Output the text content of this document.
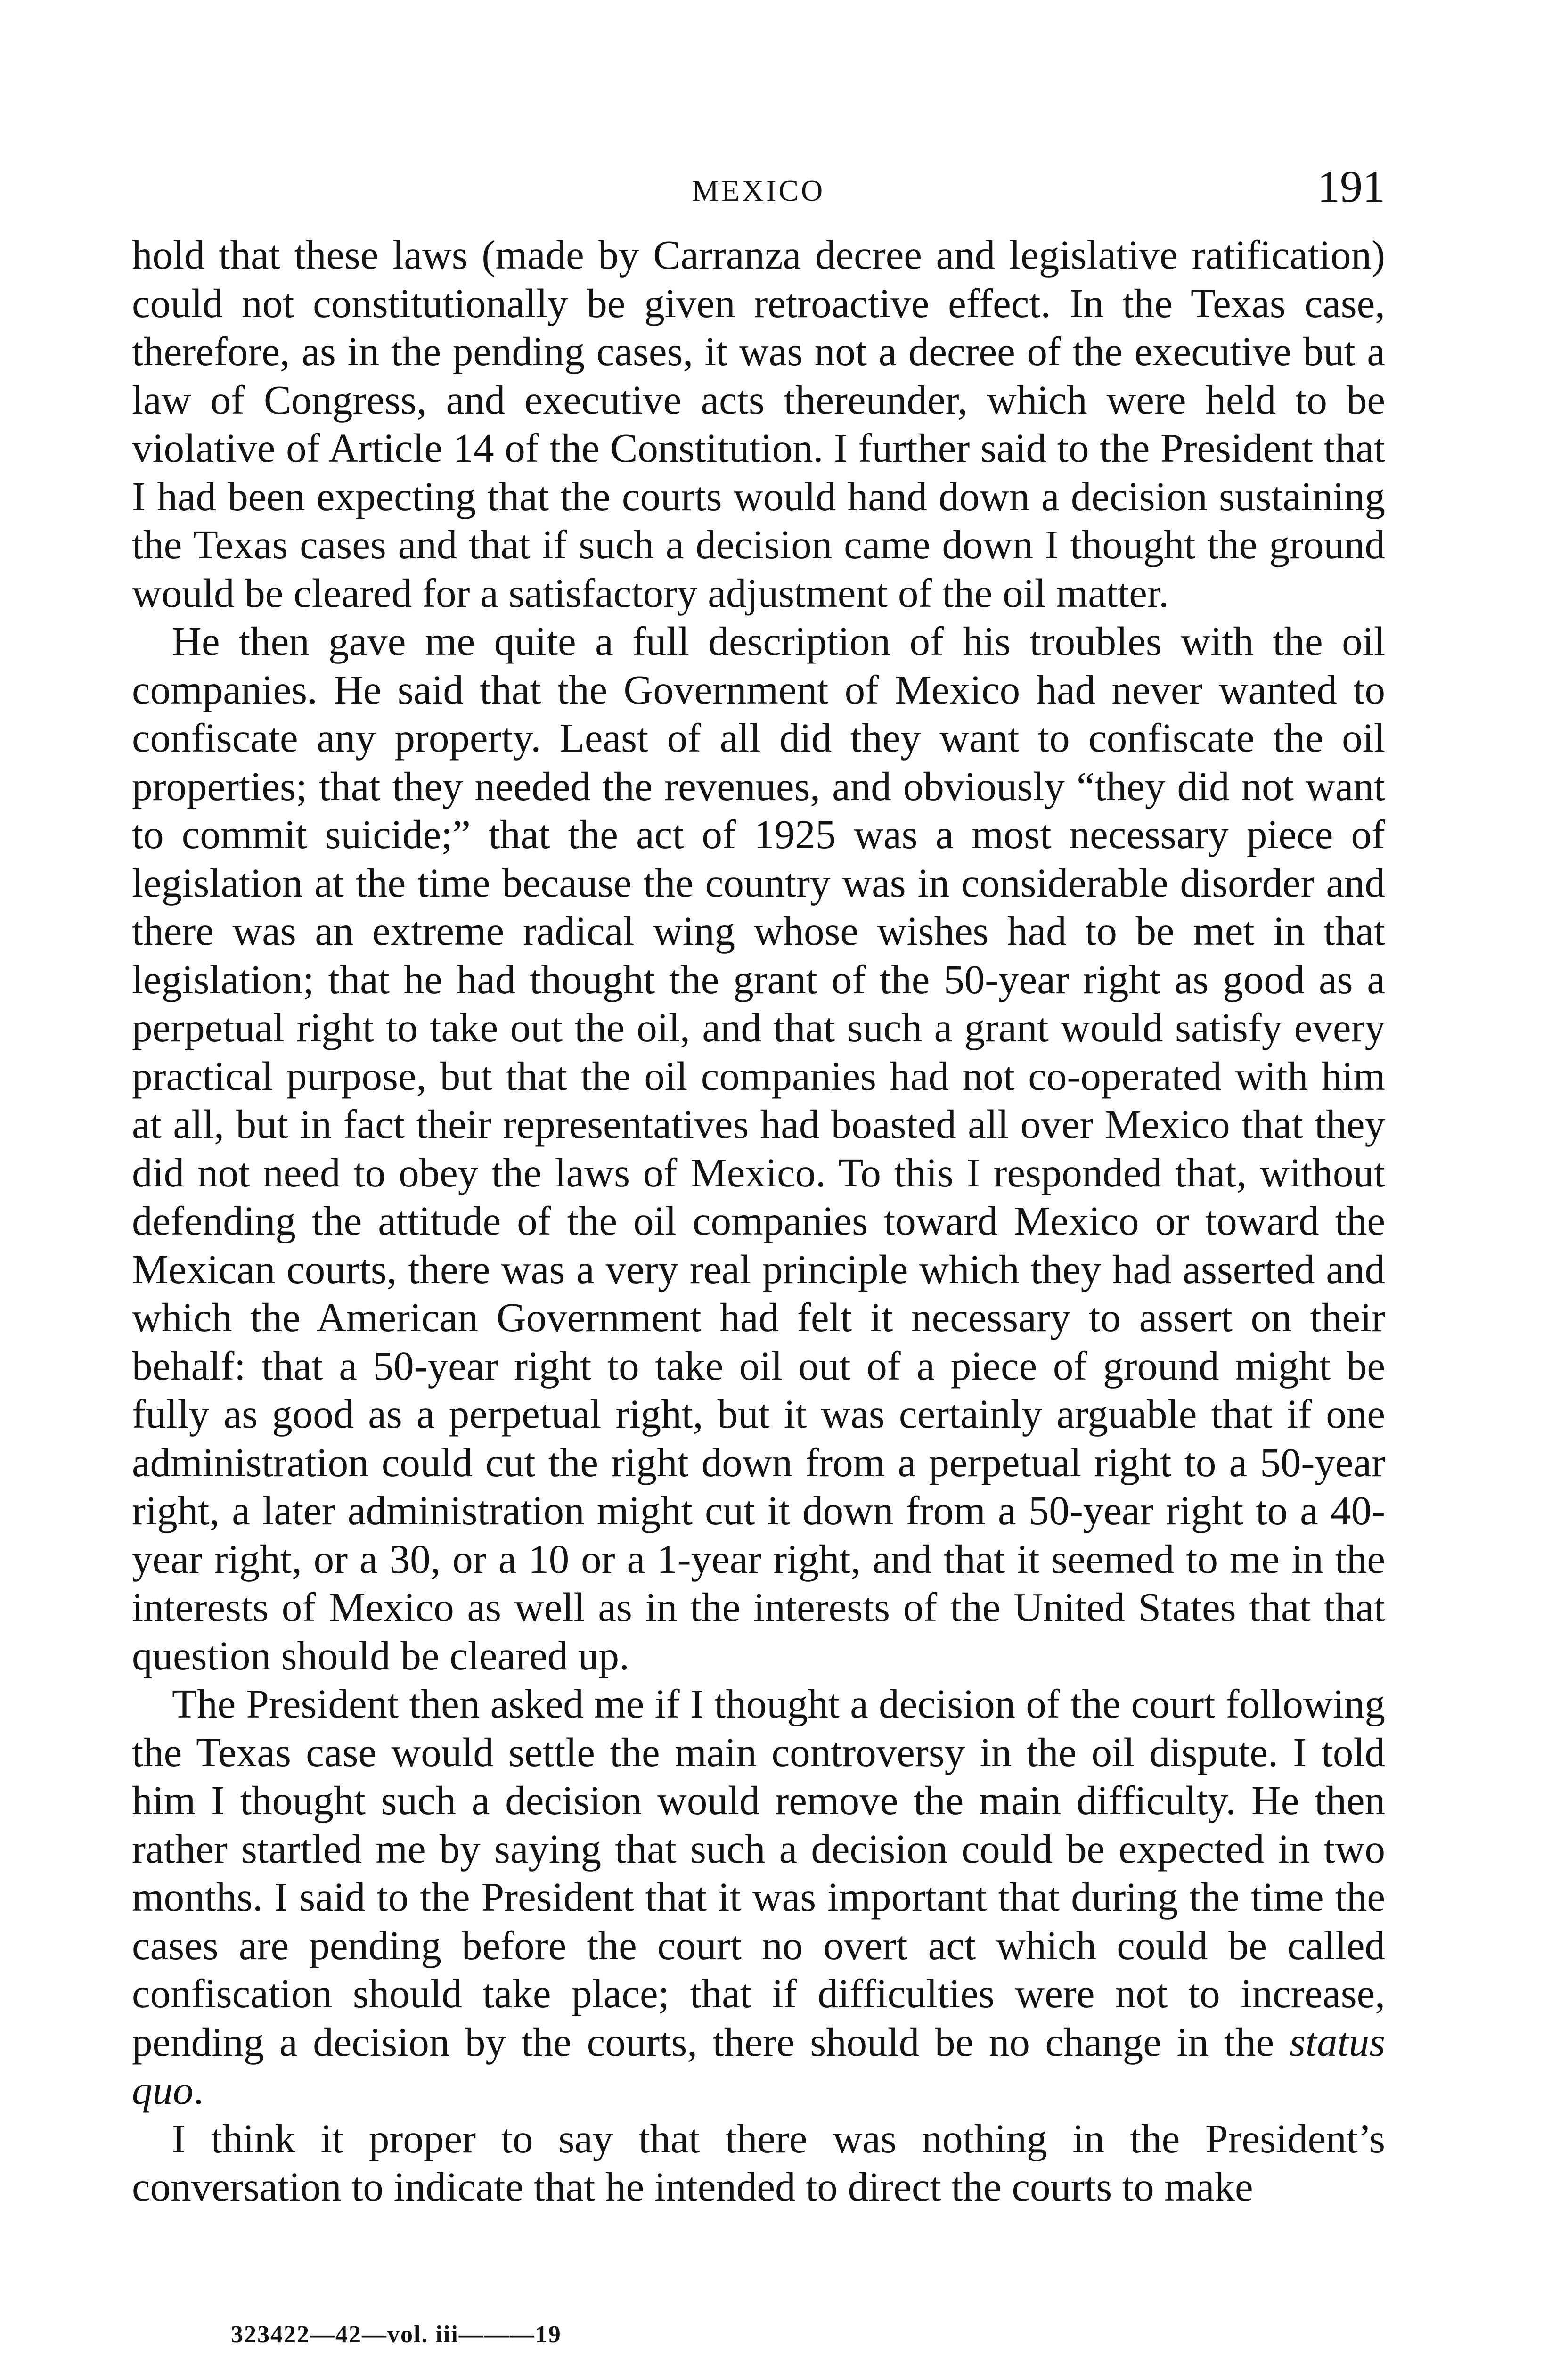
MEXICO	191

hold that these laws (made by Carranza decree and legislative ratification) could not constitutionally be given retroactive effect. In the Texas case, therefore, as in the pending cases, it was not a decree of the executive but a law of Congress, and executive acts thereunder, which were held to be violative of Article 14 of the Constitution. I further said to the President that I had been expecting that the courts would hand down a decision sustaining the Texas cases and that if such a decision came down I thought the ground would be cleared for a satisfactory adjustment of the oil matter.

He then gave me quite a full description of his troubles with the oil companies. He said that the Government of Mexico had never wanted to confiscate any property. Least of all did they want to confiscate the oil properties; that they needed the revenues, and obviously “they did not want to commit suicide;” that the act of 1925 was a most necessary piece of legislation at the time because the country was in considerable disorder and there was an extreme radical wing whose wishes had to be met in that legislation; that he had thought the grant of the 50-year right as good as a perpetual right to take out the oil, and that such a grant would satisfy every practical purpose, but that the oil companies had not co-operated with him at all, but in fact their representatives had boasted all over Mexico that they did not need to obey the laws of Mexico. To this I responded that, without defending the attitude of the oil companies toward Mexico or toward the Mexican courts, there was a very real principle which they had asserted and which the American Government had felt it necessary to assert on their behalf: that a 50-year right to take oil out of a piece of ground might be fully as good as a perpetual right, but it was certainly arguable that if one administration could cut the right down from a perpetual right to a 50-year right, a later administration might cut it down from a 50-year right to a 40-year right, or a 30, or a 10 or a 1-year right, and that it seemed to me in the interests of Mexico as well as in the interests of the United States that that question should be cleared up.

The President then asked me if I thought a decision of the court following the Texas case would settle the main controversy in the oil dispute. I told him I thought such a decision would remove the main difficulty. He then rather startled me by saying that such a decision could be expected in two months. I said to the President that it was important that during the time the cases are pending before the court no overt act which could be called confiscation should take place; that if difficulties were not to increase, pending a decision by the courts, there should be no change in the status quo.

I think it proper to say that there was nothing in the President’s conversation to indicate that he intended to direct the courts to make

323422—42—vol. iii———19
